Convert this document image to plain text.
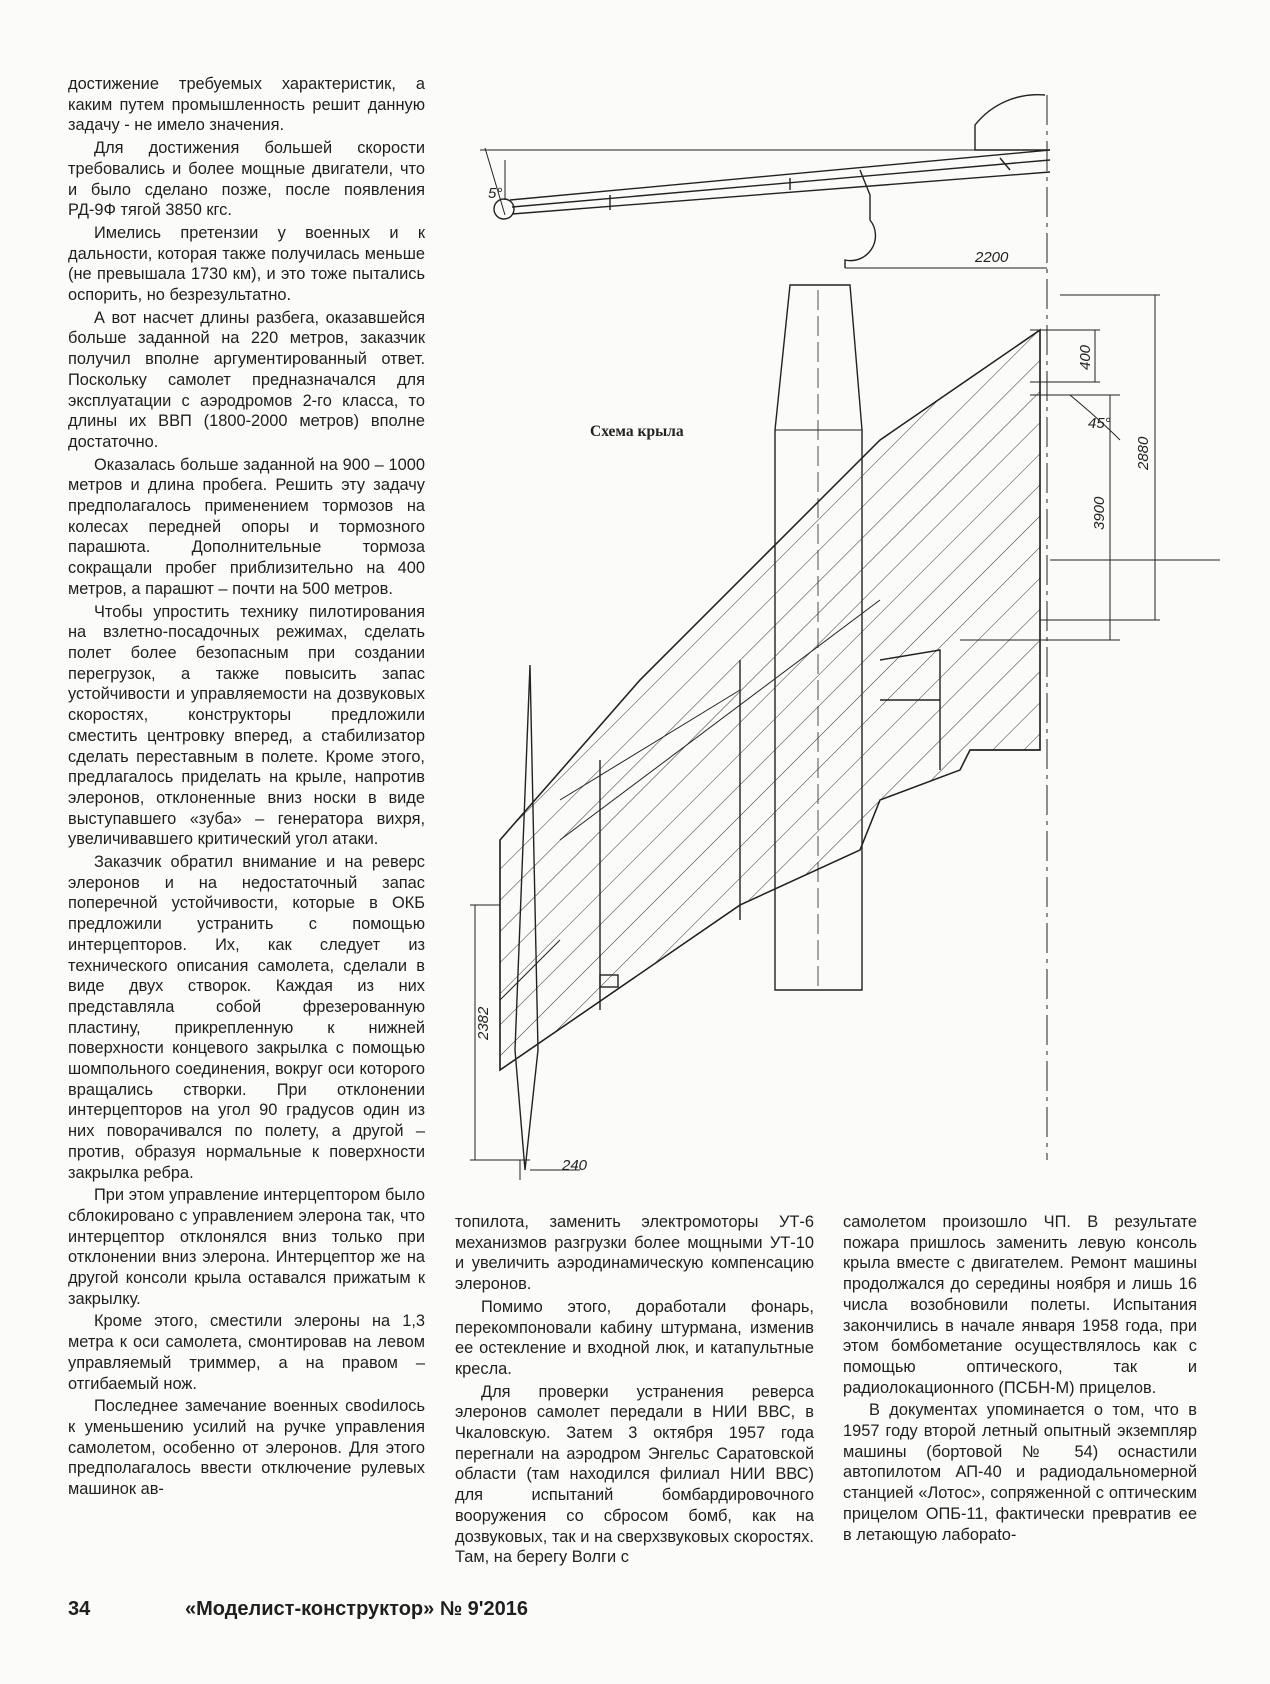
достижение требуемых характеристик, а каким путем промышленность решит данную задачу - не имело значения.

Для достижения большей скорости требовались и более мощные двигатели, что и было сделано позже, после появления РД-9Ф тягой 3850 кгс.

Имелись претензии у военных и к дальности, которая также получилась меньше (не превышала 1730 км), и это тоже пытались оспорить, но безрезультатно.

А вот насчет длины разбега, оказавшейся больше заданной на 220 метров, заказчик получил вполне аргументированный ответ. Поскольку самолет предназначался для эксплуатации с аэродромов 2-го класса, то длины их ВВП (1800-2000 метров) вполне достаточно.

Оказалась больше заданной на 900 – 1000 метров и длина пробега. Решить эту задачу предполагалось применением тормозов на колесах передней опоры и тормозного парашюта. Дополнительные тормоза сокращали пробег приблизительно на 400 метров, а парашют – почти на 500 метров.

Чтобы упростить технику пилотирования на взлетно-посадочных режимах, сделать полет более безопасным при создании перегрузок, а также повысить запас устойчивости и управляемости на дозвуковых скоростях, конструкторы предложили сместить центровку вперед, а стабилизатор сделать переставным в полете. Кроме этого, предлагалось приделать на крыле, напротив элеронов, отклоненные вниз носки в виде выступавшего «зуба» – генератора вихря, увеличивавшего критический угол атаки.

Заказчик обратил внимание и на реверс элеронов и на недостаточный запас поперечной устойчивости, которые в ОКБ предложили устранить с помощью интерцепторов. Их, как следует из технического описания самолета, сделали в виде двух створок. Каждая из них представляла собой фрезерованную пластину, прикрепленную к нижней поверхности концевого закрылка с помощью шомпольного соединения, вокруг оси которого вращались створки. При отклонении интерцепторов на угол 90 градусов один из них поворачивался по полету, а другой – против, образуя нормальные к поверхности закрылка ребра.

При этом управление интерцептором было сблокировано с управлением элерона так, что интерцептор отклонялся вниз только при отклонении вниз элерона. Интерцептор же на другой консоли крыла оставался прижатым к закрылку.

Кроме этого, сместили элероны на 1,3 метра к оси самолета, смонтировав на левом управляемый триммер, а на правом – отгибаемый нож.

Последнее замечание военных свodилось к уменьшению усилий на ручке управления самолетом, особенно от элеронов. Для этого предполагалось ввести отключение рулевых машинок ав-

топилота, заменить электромоторы УТ-6 механизмов разгрузки более мощными УТ-10 и увеличить аэродинамическую компенсацию элеронов.

Помимо этого, доработали фонарь, перекомпоновали кабину штурмана, изменив ее остекление и входной люк, и катапультные кресла.

Для проверки устранения реверса элеронов самолет передали в НИИ ВВС, в Чкаловскую. Затем 3 октября 1957 года перегнали на аэродром Энгельс Саратовской области (там находился филиал НИИ ВВС) для испытаний бомбардировочного вооружения со сбросом бомб, как на дозвуковых, так и на сверхзвуковых скоростях. Там, на берегу Волги с

самолетом произошло ЧП. В результате пожара пришлось заменить левую консоль крыла вместе с двигателем. Ремонт машины продолжался до середины ноября и лишь 16 числа возобновили полеты. Испытания закончились в начале января 1958 года, при этом бомбометание осуществлялось как с помощью оптического, так и радиолокационного (ПСБН-М) прицелов.

В документах упоминается о том, что в 1957 году второй летный опытный экземпляр машины (бортовой № 54) оснастили автопилотом АП-40 и радиодальномерной станцией «Лотос», сопряженной с оптическим прицелом ОПБ-11, фактически превратив ее в летающую лабораto-

5°
2200
400
45°
2880
3900
2382
240
Схема крыла
34	«Моделист-конструктор» № 9'2016
